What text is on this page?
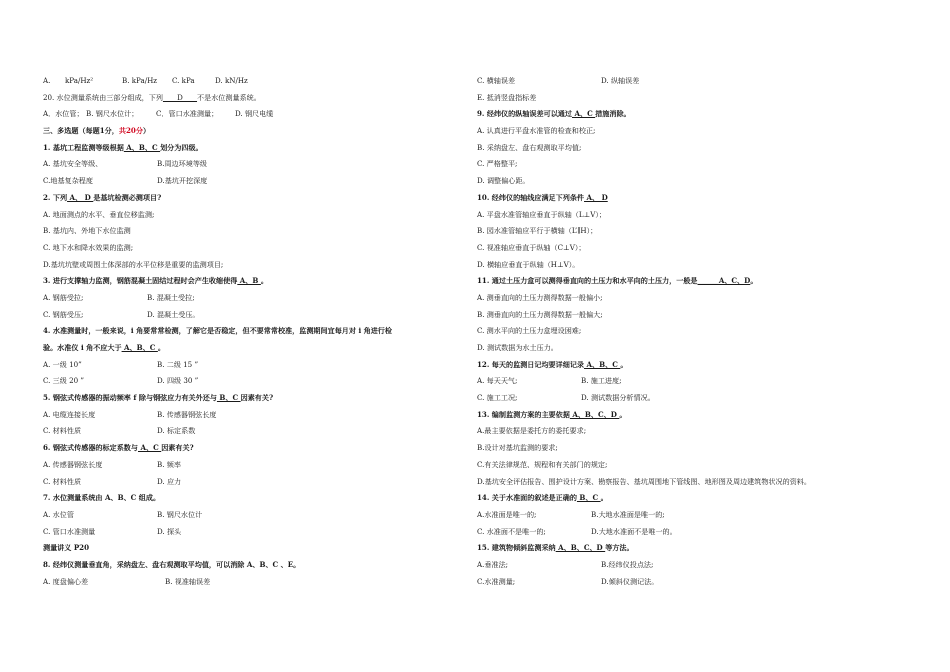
A. kPa/Hz²	B. kPa/Hz C. kPa	D. kN/Hz
20. 水位测量系统由三部分组成，下列____D____不是水位测量系统。
A．水位管； B. 钢尺水位计； C．管口水准测量； D. 钢尺电缆
三、多选题（每题1分，共20分）
1. 基坑工程监测等级根据 A、B、C 划分为四级。
A. 基坑安全等级、	B.周边环境等级
C.地基复杂程度	D.基坑开挖深度
2. 下列 A、 D 是基坑检测必测项目?
A. 地面测点的水平、垂直位移监测;
B. 基坑内、外地下水位监测
C. 地下水和降水效果的监测;
D.基坑坑壁或周围土体深部的水平位移是重要的监测项目;
3. 进行支撑轴力监测，钢筋混凝土固结过程时会产生收缩使得 A、B 。
A. 钢筋受拉;	B. 混凝土受拉;
C. 钢筋受压;	D. 混凝土受压。
4. 水准测量时，一般来说，i 角要常常检测，了解它是否稳定，但不要常常校准，监测期间宜每月对 i 角进行检
验。水准仪 i 角不应大于 A、B、C 。
A. 一级 10”	B. 二级 15 ”
C. 三级 20 ”	D. 四级 30 ”
5. 钢弦式传感器的振动频率 f 除与钢弦应力有关外还与 B、C 因素有关?
A. 电缆连接长度	B. 传感器钢弦长度
C. 材料性质	D. 标定系数
6. 钢弦式传感器的标定系数与 A、C 因素有关?
A. 传感器钢弦长度	B. 频率
C. 材料性质	D. 应力
7. 水位测量系统由 A、B、C 组成。
A. 水位管	B. 钢尺水位计
C. 管口水准测量	D. 探头
测量讲义 P20
8. 经纬仪测量垂直角，采纳盘左、盘右观测取平均值，可以消除 A、B、C 、E。
A. 度盘偏心差	B. 视准轴误差
C. 横轴误差	D. 纵轴误差
E. 抵消竖盘指标差
9. 经纬仪的纵轴误差可以通过 A、C 措施消除。
A. 认真进行平盘水准管的检查和校正;
B. 采纳盘左、盘右观测取平均值;
C. 严格整平;
D. 调整偏心距。
10. 经纬仪的轴线应满足下列条件 A、 D
A. 平盘水准管轴应垂直于纵轴（L⊥V）；
B. 园水准管轴应平行于横轴（L’∥H）；
C. 视准轴应垂直于纵轴（C⊥V）；
D. 横轴应垂直于纵轴（H⊥V）。
11. 通过土压力盒可以测得垂直向的土压力和水平向的土压力，一般是______A、C、D。
A. 测垂直向的土压力测得数据一般偏小;
B. 测垂直向的土压力测得数据一般偏大;
C. 测水平向的土压力盒埋设困难;
D. 测试数据为水土压力。
12. 每天的监测日记均要详细记录 A、B、C 。
A. 每天天气;	B. 施工进度;
C. 施工工况;	D. 测试数据分析情况。
13. 编制监测方案的主要依据 A、B、C、D 。
A.最主要依据是委托方的委托要求;
B.设计对基坑监测的要求;
C.有关法律规范、规程和有关部门的规定;
D.基坑安全评估报告、围护设计方案、勘察报告、基坑周围地下管线图、地形图及周边建筑物状况的资料。
14. 关于水准面的叙述是正确的 B、C 。
A.水准面是唯一的;	B.大地水准面是唯一的;
C. 水准面不是唯一的;	D.大地水准面不是唯一的。
15. 建筑物倾斜监测采纳 A、B、C、D 等方法。
A.垂准法;	B.经纬仪投点法;
C.水准测量;	D.倾斜仪测记法。
